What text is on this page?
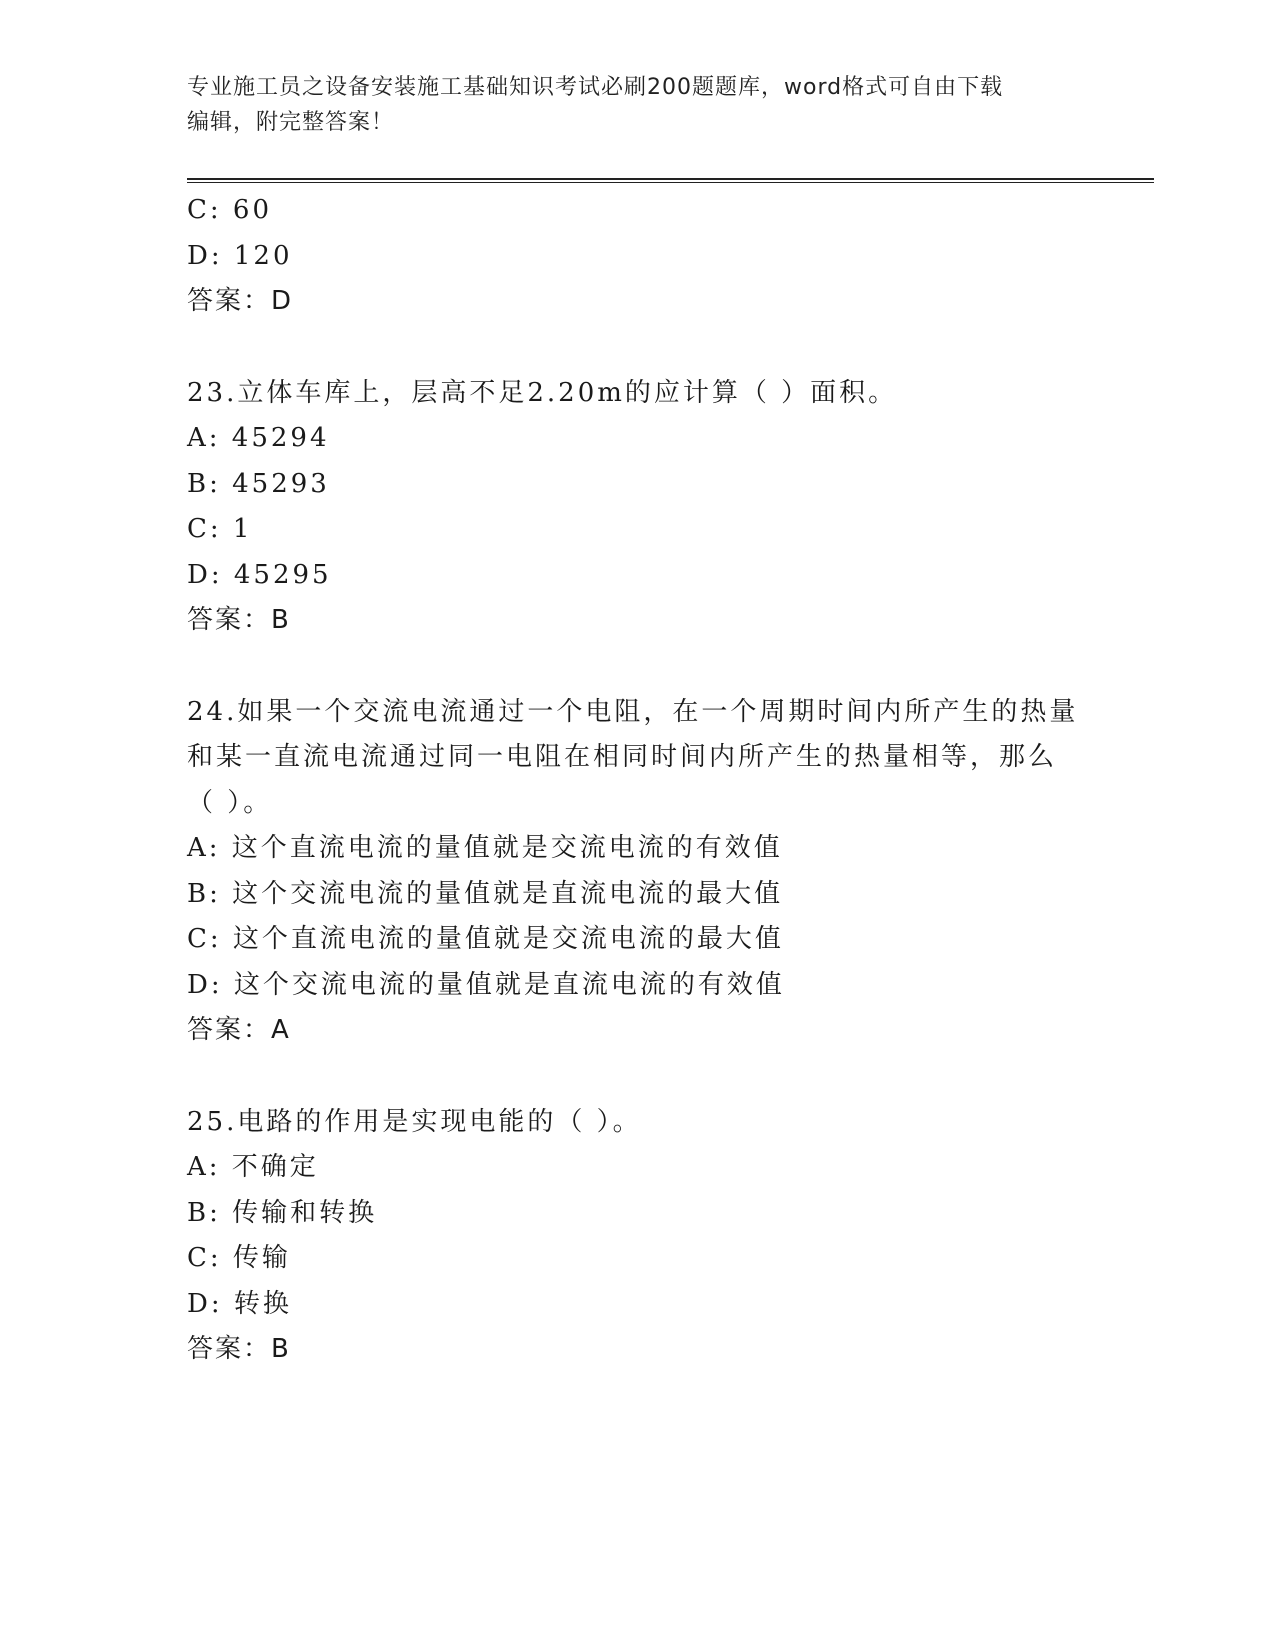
专业施工员之设备安装施工基础知识考试必刷200题题库，word格式可自由下载
编辑，附完整答案！
C: 60
D: 120
答案：D
23.立体车库上，层高不足2.20m的应计算（ ）面积。
A: 45294
B: 45293
C: 1
D: 45295
答案：B
24.如果一个交流电流通过一个电阻，在一个周期时间内所产生的热量
和某一直流电流通过同一电阻在相同时间内所产生的热量相等，那么
（ ）。
A: 这个直流电流的量值就是交流电流的有效值
B: 这个交流电流的量值就是直流电流的最大值
C: 这个直流电流的量值就是交流电流的最大值
D: 这个交流电流的量值就是直流电流的有效值
答案：A
25.电路的作用是实现电能的（ ）。
A: 不确定
B: 传输和转换
C: 传输
D: 转换
答案：B
